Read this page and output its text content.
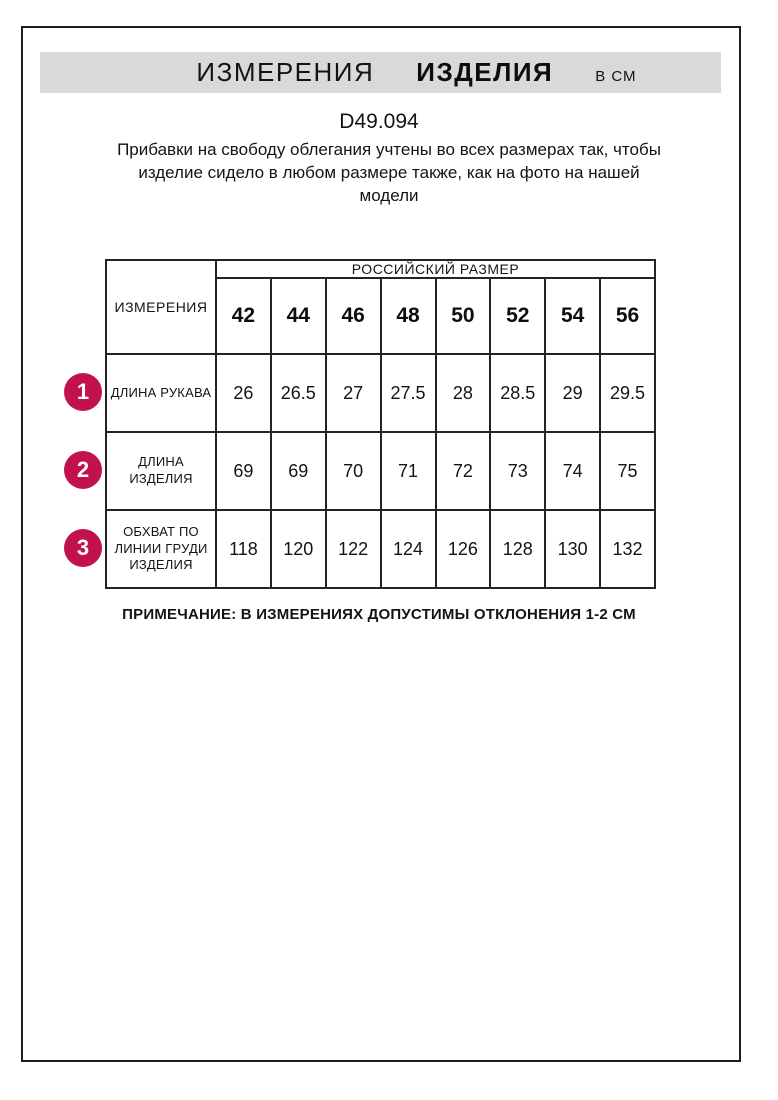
ИЗМЕРЕНИЯ ИЗДЕЛИЯ	В СМ
D49.094
Прибавки на свободу облегания учтены во всех размерах так, чтобы изделие сидело в любом размере также, как на фото на нашей модели
ИЗМЕРЕНИЯ	РОССИЙСКИЙ РАЗМЕР							
	42	44	46	48	50	52	54	56
ДЛИНА РУКАВА	26	26.5	27	27.5	28	28.5	29	29.5
ДЛИНА ИЗДЕЛИЯ	69	69	70	71	72	73	74	75
ОБХВАТ ПО ЛИНИИ ГРУДИ ИЗДЕЛИЯ	118	120	122	124	126	128	130	132
1
2
3
ПРИМЕЧАНИЕ: В ИЗМЕРЕНИЯХ ДОПУСТИМЫ ОТКЛОНЕНИЯ 1-2 СМ
